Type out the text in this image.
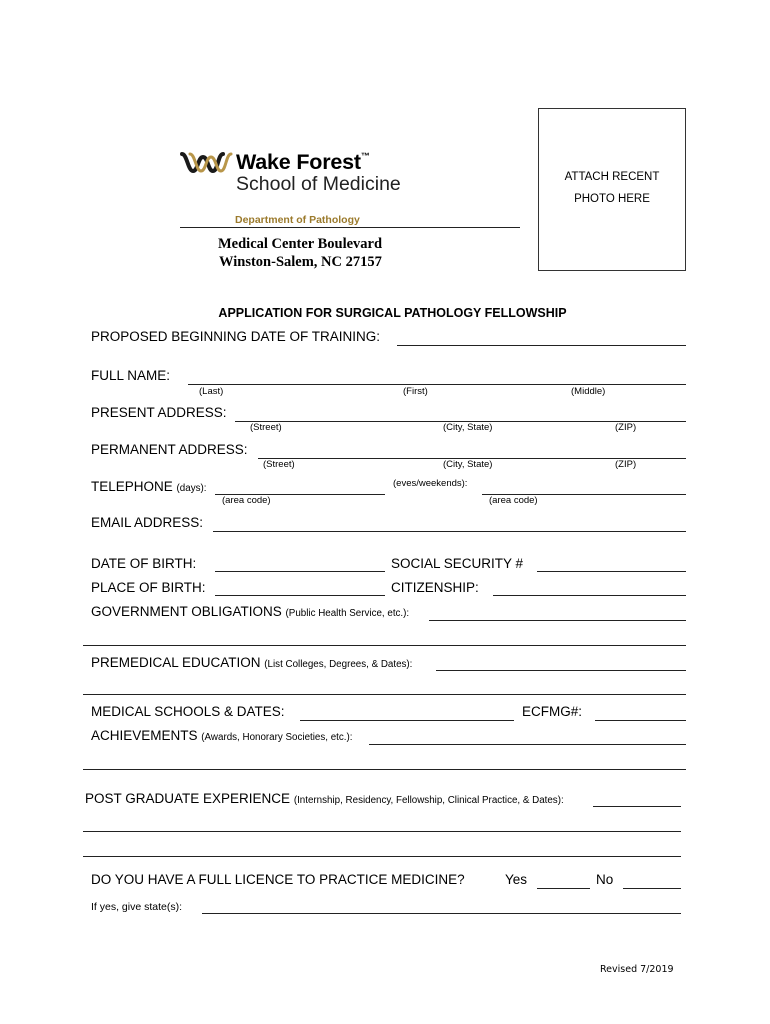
Wake Forest™
School of Medicine
Department of Pathology
Medical Center Boulevard
Winston-Salem, NC 27157
ATTACH RECENT
PHOTO HERE
APPLICATION FOR SURGICAL PATHOLOGY FELLOWSHIP
PROPOSED BEGINNING DATE OF TRAINING:
FULL NAME:
(Last)	(First)	(Middle)
PRESENT ADDRESS:
(Street)	(City, State)	(ZIP)
PERMANENT ADDRESS:
(Street)	(City, State)	(ZIP)
TELEPHONE (days):	(eves/weekends):
(area code)	(area code)
EMAIL ADDRESS:
DATE OF BIRTH:	SOCIAL SECURITY #
PLACE OF BIRTH:	CITIZENSHIP:
GOVERNMENT OBLIGATIONS (Public Health Service, etc.):
PREMEDICAL EDUCATION (List Colleges, Degrees, & Dates):
MEDICAL SCHOOLS & DATES:	ECFMG#:
ACHIEVEMENTS (Awards, Honorary Societies, etc.):
POST GRADUATE EXPERIENCE (Internship, Residency, Fellowship, Clinical Practice, & Dates):
DO YOU HAVE A FULL LICENCE TO PRACTICE MEDICINE?	Yes	No
If yes, give state(s):
Revised 7/2019
